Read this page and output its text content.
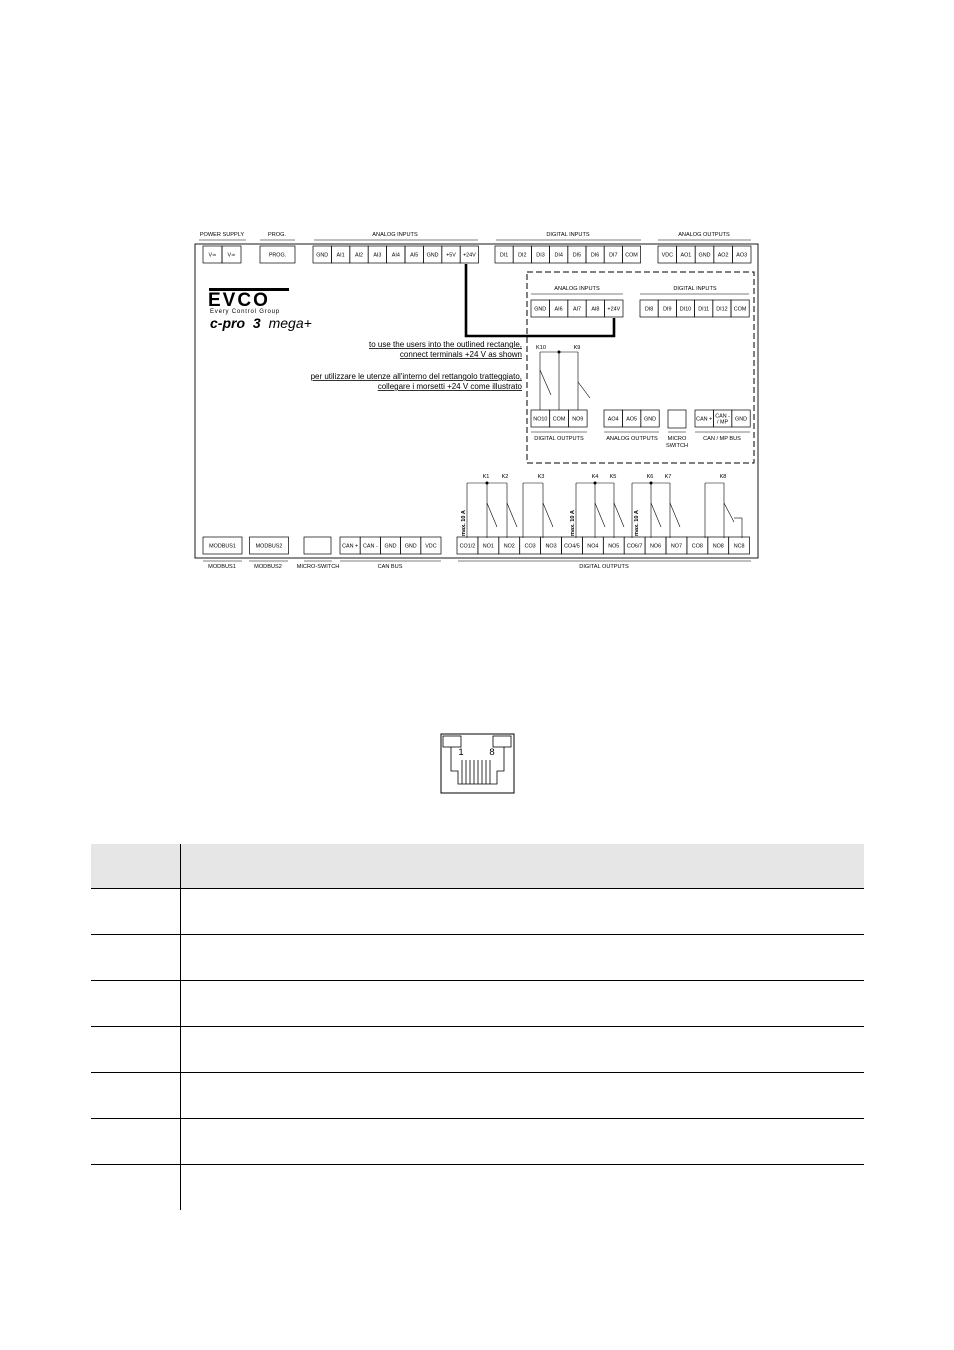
POWER SUPPLY	PROG.	ANALOG INPUTS	DIGITAL INPUTS	ANALOG OUTPUTS
V≃ V≃	PROG.	GND AI1 AI2 AI3 AI4 AI5 GND +5V +24V	DI1 DI2 DI3 DI4 DI5 DI6 DI7 COM	VDC AO1 GND AO2 AO3
GND AI6 AI7 AI8 +24V	DI8 DI9 DI10 DI11 DI12 COM
NO10 COM NO9	AO4 AO5 GND	CAN + CAN -/ MP	GND
MODBUS1	MODBUS2	CAN + CAN - GND GND VDC	CO1/2 NO1 NO2 CO3 NO3 CO4/5 NO4 NO5 CO6/7 NO6 NO7 CO8 NO8 NC8
ANALOG INPUTS	DIGITAL INPUTS
DIGITAL OUTPUTS	ANALOG OUTPUTS MICRO
SWITCH
CAN / MP BUS
K10	K9
EVCO
Every Control Group
c-pro 3 mega+
to use the users into the outlined rectangle,
connect terminals +24 V as shown
per utilizzare le utenze all'interno del rettangolo tratteggiato,
collegare i morsetti +24 V come illustrato
K1 K2	K3	K4 K5	K6 K7	K8
max. 10 A	max. 10 A	max. 10 A
MODBUS1	MODBUS2	MICRO-SWITCH	CAN BUS	DIGITAL OUTPUTS
1	8
